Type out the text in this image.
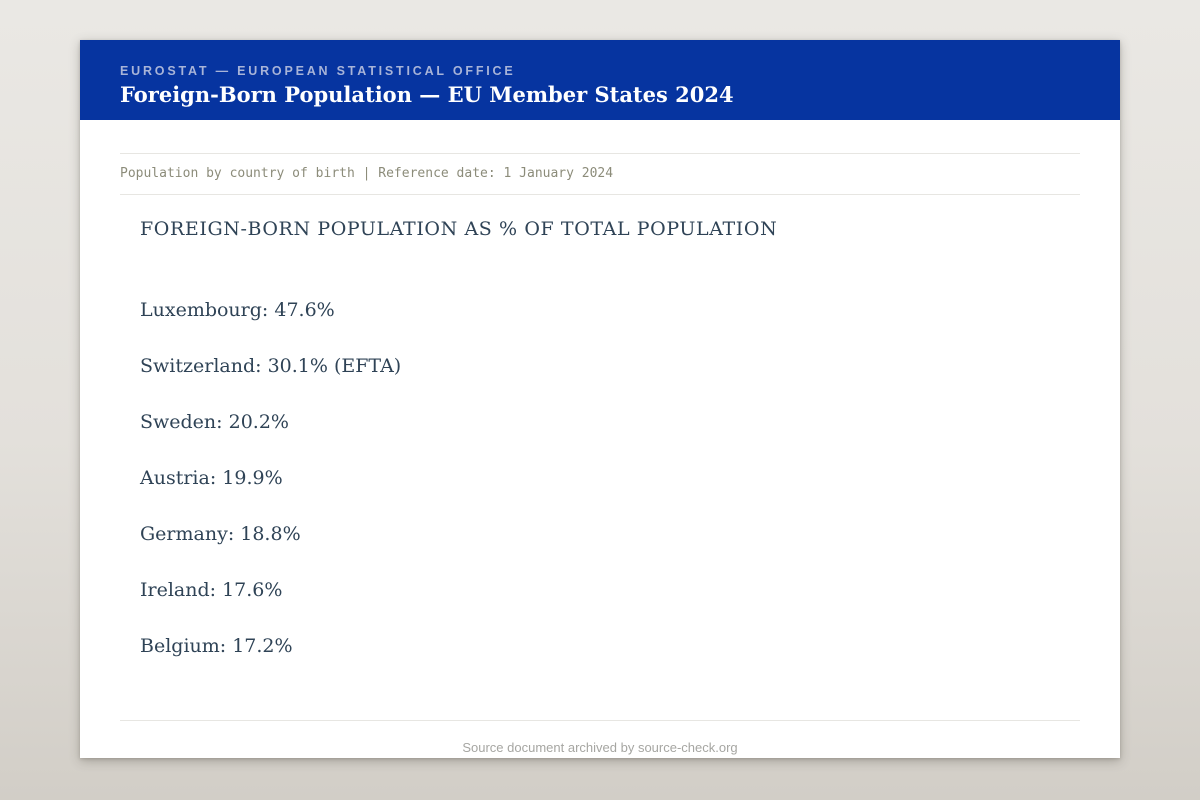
EUROSTAT — EUROPEAN STATISTICAL OFFICE
Foreign-Born Population — EU Member States 2024
Population by country of birth | Reference date: 1 January 2024
FOREIGN-BORN POPULATION AS % OF TOTAL POPULATION
Luxembourg: 47.6%
Switzerland: 30.1% (EFTA)
Sweden: 20.2%
Austria: 19.9%
Germany: 18.8%
Ireland: 17.6%
Belgium: 17.2%
Source document archived by source-check.org
